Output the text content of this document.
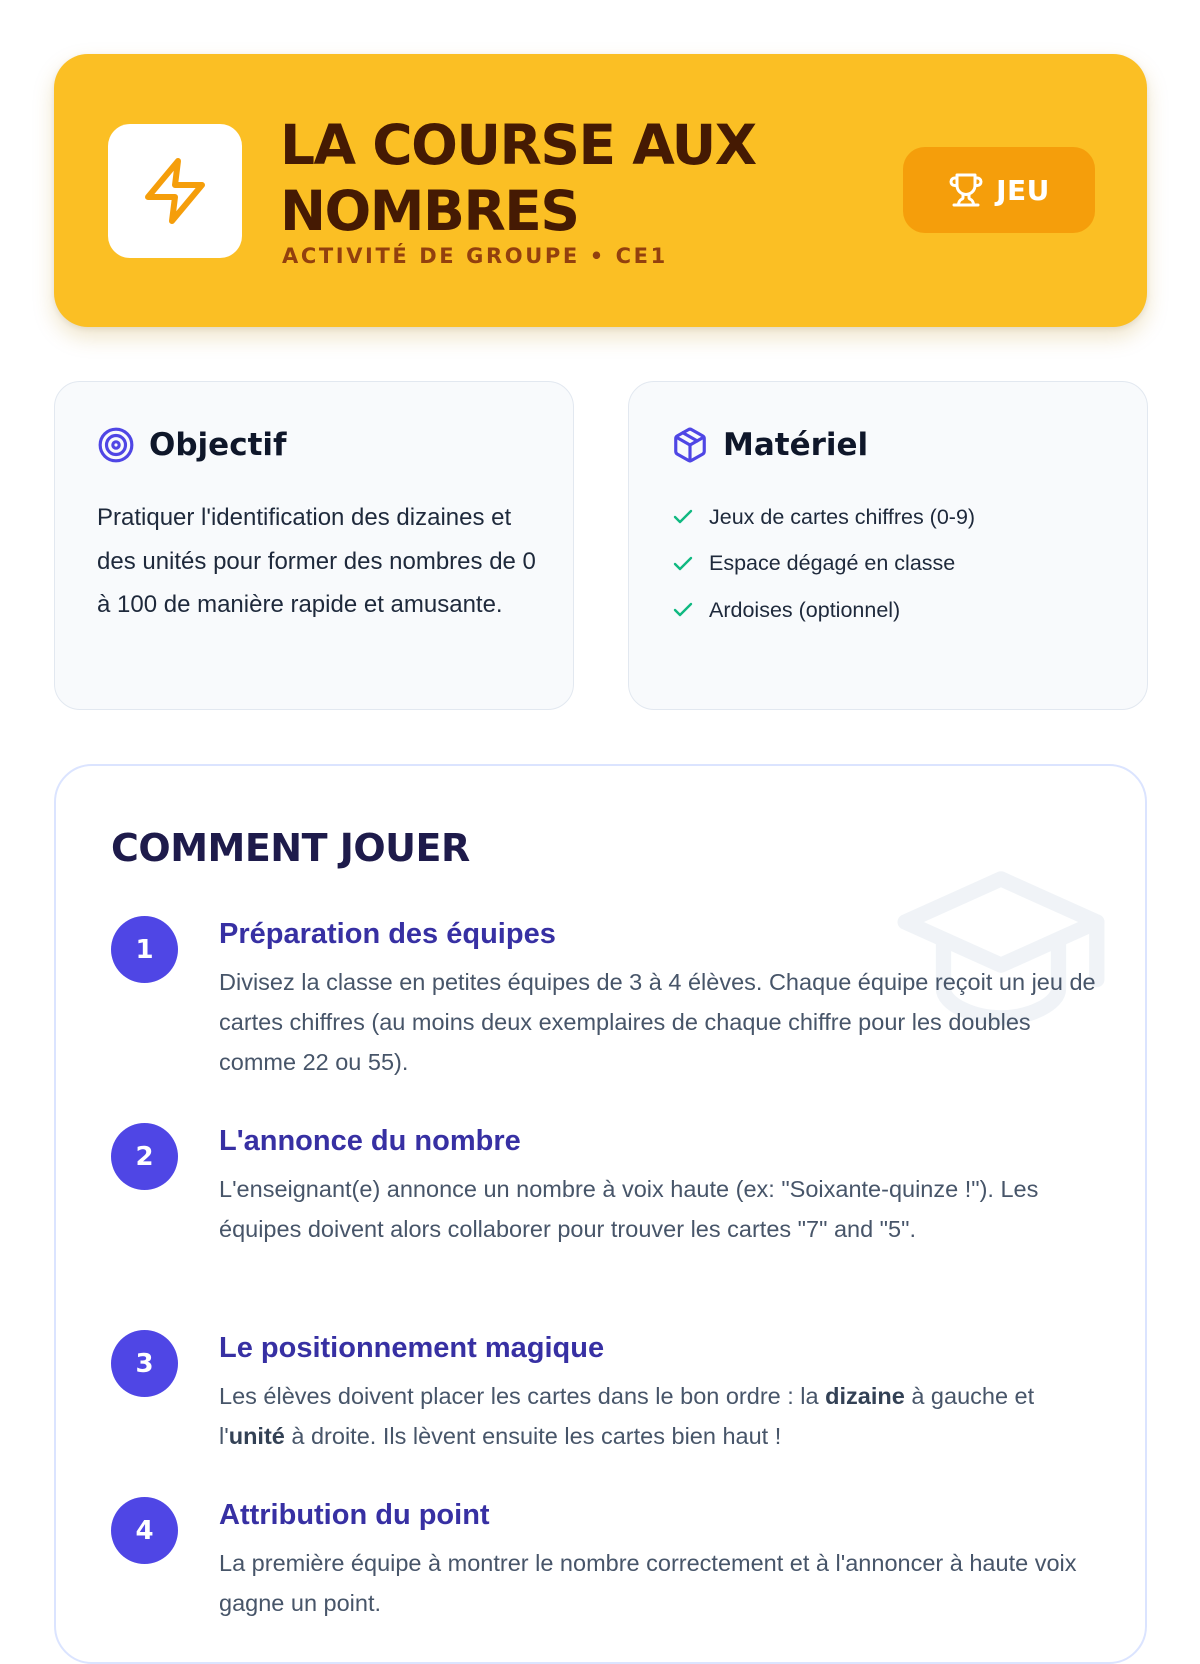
LA COURSE AUX NOMBRES
ACTIVITÉ DE GROUPE • CE1
JEU
Objectif

Pratiquer l'identification des dizaines et des unités pour former des nombres de 0 à 100 de manière rapide et amusante.

Matériel
Jeux de cartes chiffres (0-9)
Espace dégagé en classe
Ardoises (optionnel)
COMMENT JOUER
1	Préparation des équipes

Divisez la classe en petites équipes de 3 à 4 élèves. Chaque équipe reçoit un jeu de cartes chiffres (au moins deux exemplaires de chaque chiffre pour les doubles comme 22 ou 55).

2	L'annonce du nombre

L'enseignant(e) annonce un nombre à voix haute (ex: "Soixante-quinze !"). Les équipes doivent alors collaborer pour trouver les cartes "7" and "5".

3	Le positionnement magique

Les élèves doivent placer les cartes dans le bon ordre : la dizaine à gauche et l'unité à droite. Ils lèvent ensuite les cartes bien haut !

4	Attribution du point

La première équipe à montrer le nombre correctement et à l'annoncer à haute voix gagne un point.
